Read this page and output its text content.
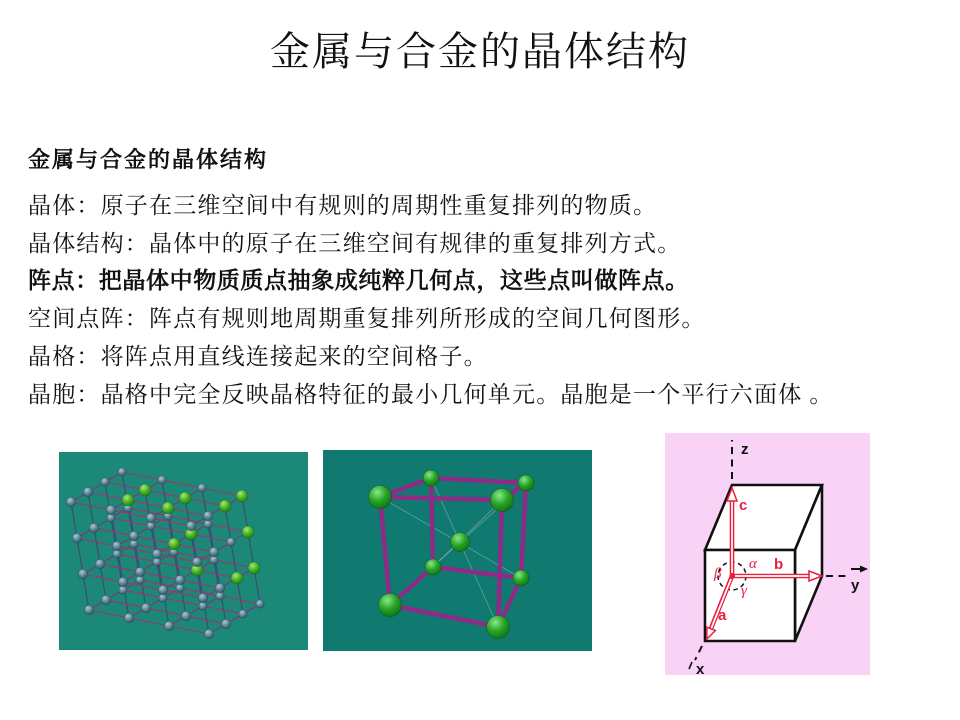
金属与合金的晶体结构
金属与合金的晶体结构

晶体：原子在三维空间中有规则的周期性重复排列的物质。

晶体结构：晶体中的原子在三维空间有规律的重复排列方式。

阵点：把晶体中物质质点抽象成纯粹几何点，这些点叫做阵点。

空间点阵：阵点有规则地周期重复排列所形成的空间几何图形。

晶格：将阵点用直线连接起来的空间格子。

晶胞：晶格中完全反映晶格特征的最小几何单元。晶胞是一个平行六面体 。

z
y
x
c
b
a
α
β
γ
